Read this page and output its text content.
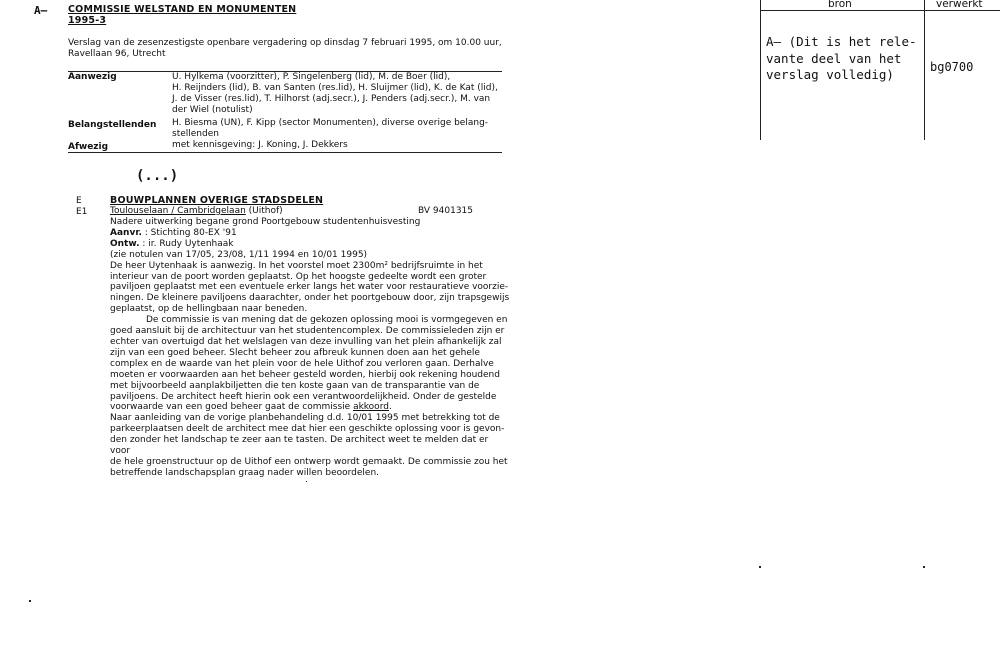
A– COMMISSIE WELSTAND EN MONUMENTEN
1995-3
Verslag van de zesenzestigste openbare vergadering op dinsdag 7 februari 1995, om 10.00 uur,
Ravellaan 96, Utrecht
Aanwezig	U. Hylkema (voorzitter), P. Singelenberg (lid), M. de Boer (lid),
H. Reijnders (lid), B. van Santen (res.lid), H. Sluijmer (lid), K. de Kat (lid),
J. de Visser (res.lid), T. Hilhorst (adj.secr.), J. Penders (adj.secr.), M. van
der Wiel (notulist)
Belangstellenden H. Biesma (UN), F. Kipp (sector Monumenten), diverse overige belang-
stellenden
Afwezig	met kennisgeving: J. Koning, J. Dekkers
(...)
E	BOUWPLANNEN OVERIGE STADSDELEN
E1	Toulouselaan / Cambridgelaan (Uithof)	BV 9401315
Nadere uitwerking begane grond Poortgebouw studentenhuisvesting
Aanvr. : Stichting 80-EX '91
Ontw. : ir. Rudy Uytenhaak
(zie notulen van 17/05, 23/08, 1/11 1994 en 10/01 1995)
De heer Uytenhaak is aanwezig. In het voorstel moet 2300m² bedrijfsruimte in het
interieur van de poort worden geplaatst. Op het hoogste gedeelte wordt een groter
paviljoen geplaatst met een eventuele erker langs het water voor restauratieve voorzie-
ningen. De kleinere paviljoens daarachter, onder het poortgebouw door, zijn trapsgewijs
geplaatst, op de hellingbaan naar beneden.
De commissie is van mening dat de gekozen oplossing mooi is vormgegeven en
goed aansluit bij de architectuur van het studentencomplex. De commissieleden zijn er
echter van overtuigd dat het welslagen van deze invulling van het plein afhankelijk zal
zijn van een goed beheer. Slecht beheer zou afbreuk kunnen doen aan het gehele
complex en de waarde van het plein voor de hele Uithof zou verloren gaan. Derhalve
moeten er voorwaarden aan het beheer gesteld worden, hierbij ook rekening houdend
met bijvoorbeeld aanplakbiljetten die ten koste gaan van de transparantie van de
paviljoens. De architect heeft hierin ook een verantwoordelijkheid. Onder de gestelde
voorwaarde van een goed beheer gaat de commissie akkoord.
Naar aanleiding van de vorige planbehandeling d.d. 10/01 1995 met betrekking tot de
parkeerplaatsen deelt de architect mee dat hier een geschikte oplossing voor is gevon-
den zonder het landschap te zeer aan te tasten. De architect weet te melden dat er voor
de hele groenstructuur op de Uithof een ontwerp wordt gemaakt. De commissie zou het
betreffende landschapsplan graag nader willen beoordelen.
bron	verwerkt
A– (Dit is het rele-
vante deel van het
verslag volledig)	bg0700
